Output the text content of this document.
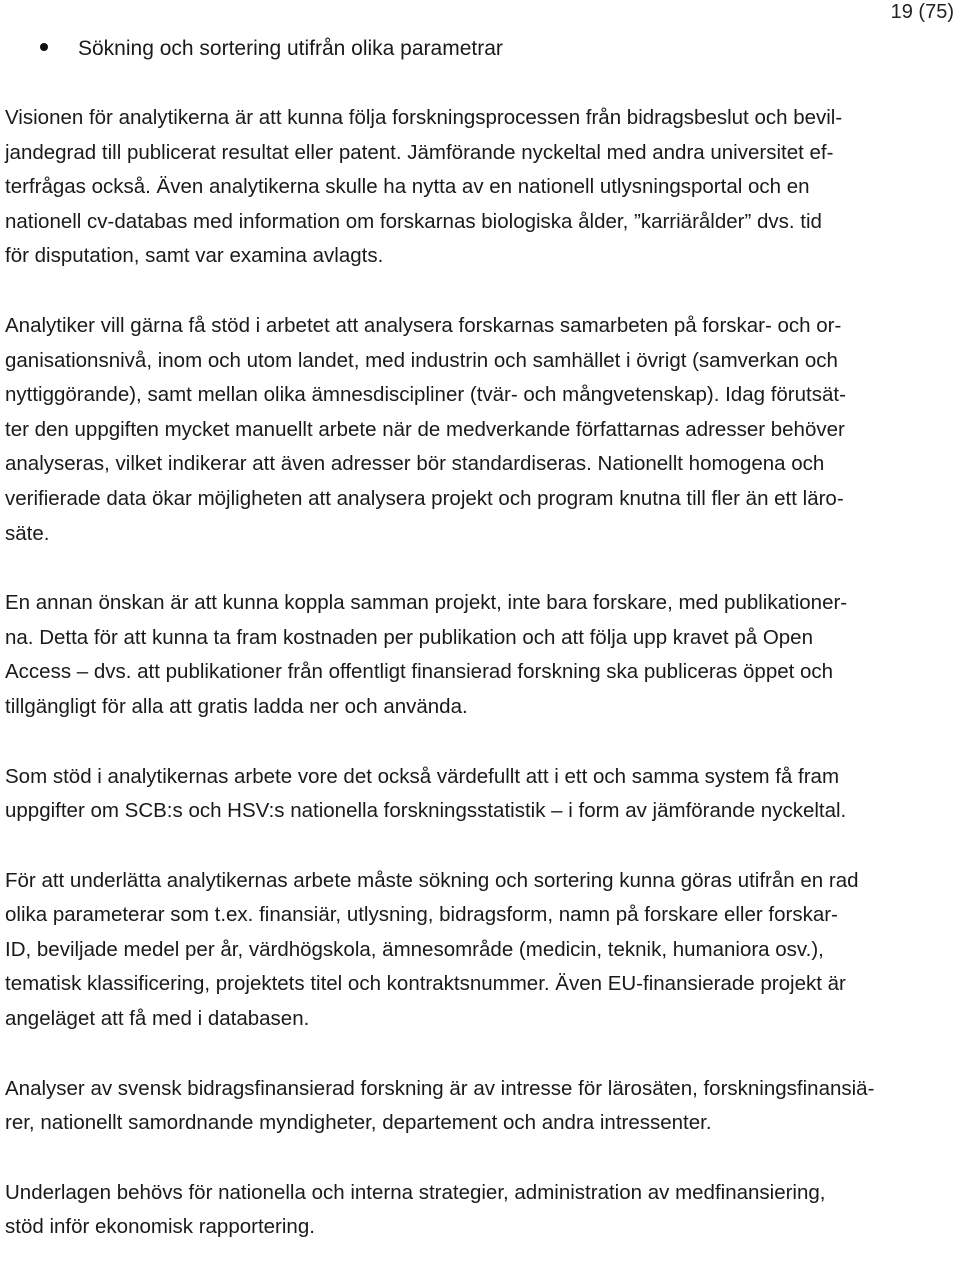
19 (75)
Sökning och sortering utifrån olika parametrar

Visionen för analytikerna är att kunna följa forskningsprocessen från bidragsbeslut och bevil-
jandegrad till publicerat resultat eller patent. Jämförande nyckeltal med andra universitet ef-
terfrågas också. Även analytikerna skulle ha nytta av en nationell utlysningsportal och en
nationell cv-databas med information om forskarnas biologiska ålder, ”karriärålder” dvs. tid
för disputation, samt var examina avlagts.

Analytiker vill gärna få stöd i arbetet att analysera forskarnas samarbeten på forskar- och or-
ganisationsnivå, inom och utom landet, med industrin och samhället i övrigt (samverkan och
nyttiggörande), samt mellan olika ämnesdiscipliner (tvär- och mångvetenskap). Idag förutsät-
ter den uppgiften mycket manuellt arbete när de medverkande författarnas adresser behöver
analyseras, vilket indikerar att även adresser bör standardiseras. Nationellt homogena och
verifierade data ökar möjligheten att analysera projekt och program knutna till fler än ett läro-
säte.

En annan önskan är att kunna koppla samman projekt, inte bara forskare, med publikationer-
na. Detta för att kunna ta fram kostnaden per publikation och att följa upp kravet på Open
Access – dvs. att publikationer från offentligt finansierad forskning ska publiceras öppet och
tillgängligt för alla att gratis ladda ner och använda.

Som stöd i analytikernas arbete vore det också värdefullt att i ett och samma system få fram
uppgifter om SCB:s och HSV:s nationella forskningsstatistik – i form av jämförande nyckeltal.

För att underlätta analytikernas arbete måste sökning och sortering kunna göras utifrån en rad
olika parameterar som t.ex. finansiär, utlysning, bidragsform, namn på forskare eller forskar-
ID, beviljade medel per år, värdhögskola, ämnesområde (medicin, teknik, humaniora osv.),
tematisk klassificering, projektets titel och kontraktsnummer. Även EU-finansierade projekt är
angeläget att få med i databasen.

Analyser av svensk bidragsfinansierad forskning är av intresse för lärosäten, forskningsfinansiä-
rer, nationellt samordnande myndigheter, departement och andra intressenter.

Underlagen behövs för nationella och interna strategier, administration av medfinansiering,
stöd inför ekonomisk rapportering.
